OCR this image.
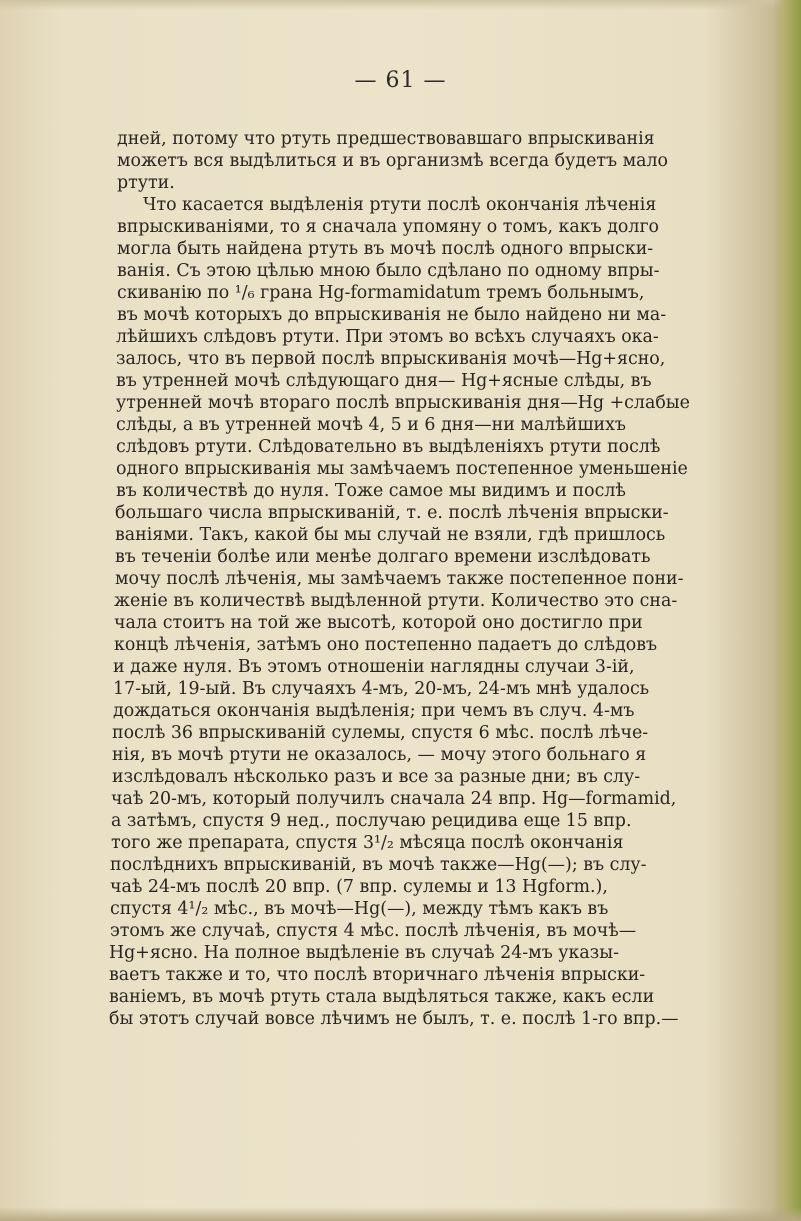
— 61 —
дней, потому что ртуть предшествовавшаго впрыскиванія
можетъ вся выдѣлиться и въ организмѣ всегда будетъ мало
ртути.
Что касается выдѣленія ртути послѣ окончанія лѣченія
впрыскиваніями, то я сначала упомяну о томъ, какъ долго
могла быть найдена ртуть въ мочѣ послѣ одного впрыски-
ванія. Съ этою цѣлью мною было сдѣлано по одному впры-
скиванію по ¹/₆ грана Hg-formamidatum тремъ больнымъ,
въ мочѣ которыхъ до впрыскиванія не было найдено ни ма-
лѣйшихъ слѣдовъ ртути. При этомъ во всѣхъ случаяхъ ока-
залось, что въ первой послѣ впрыскиванія мочѣ—Hg+ясно,
въ утренней мочѣ слѣдующаго дня— Hg+ясные слѣды, въ
утренней мочѣ втораго послѣ впрыскиванія дня—Hg +слабые
слѣды, а въ утренней мочѣ 4, 5 и 6 дня—ни малѣйшихъ
слѣдовъ ртути. Слѣдовательно въ выдѣленіяхъ ртути послѣ
одного впрыскиванія мы замѣчаемъ постепенное уменьшеніе
въ количествѣ до нуля. Тоже самое мы видимъ и послѣ
большаго числа впрыскиваній, т. е. послѣ лѣченія впрыски-
ваніями. Такъ, какой бы мы случай не взяли, гдѣ пришлось
въ теченіи болѣе или менѣе долгаго времени изслѣдовать
мочу послѣ лѣченія, мы замѣчаемъ также постепенное пони-
женіе въ количествѣ выдѣленной ртути. Количество это сна-
чала стоитъ на той же высотѣ, которой оно достигло при
концѣ лѣченія, затѣмъ оно постепенно падаетъ до слѣдовъ
и даже нуля. Въ этомъ отношеніи наглядны случаи 3-ій,
17-ый, 19-ый. Въ случаяхъ 4-мъ, 20-мъ, 24-мъ мнѣ удалось
дождаться окончанія выдѣленія; при чемъ въ случ. 4-мъ
послѣ 36 впрыскиваній сулемы, спустя 6 мѣс. послѣ лѣче-
нія, въ мочѣ ртути не оказалось, — мочу этого больнаго я
изслѣдовалъ нѣсколько разъ и все за разные дни; въ слу-
чаѣ 20-мъ, который получилъ сначала 24 впр. Hg—formamid,
а затѣмъ, спустя 9 нед., послучаю рецидива еще 15 впр.
того же препарата, спустя 3¹/₂ мѣсяца послѣ окончанія
послѣднихъ впрыскиваній, въ мочѣ также—Hg(—); въ слу-
чаѣ 24-мъ послѣ 20 впр. (7 впр. сулемы и 13 Hgform.),
спустя 4¹/₂ мѣс., въ мочѣ—Hg(—), между тѣмъ какъ въ
этомъ же случаѣ, спустя 4 мѣс. послѣ лѣченія, въ мочѣ—
Hg+ясно. На полное выдѣленіе въ случаѣ 24-мъ указы-
ваетъ также и то, что послѣ вторичнаго лѣченія впрыски-
ваніемъ, въ мочѣ ртуть стала выдѣляться также, какъ если
бы этотъ случай вовсе лѣчимъ не былъ, т. е. послѣ 1-го впр.—
